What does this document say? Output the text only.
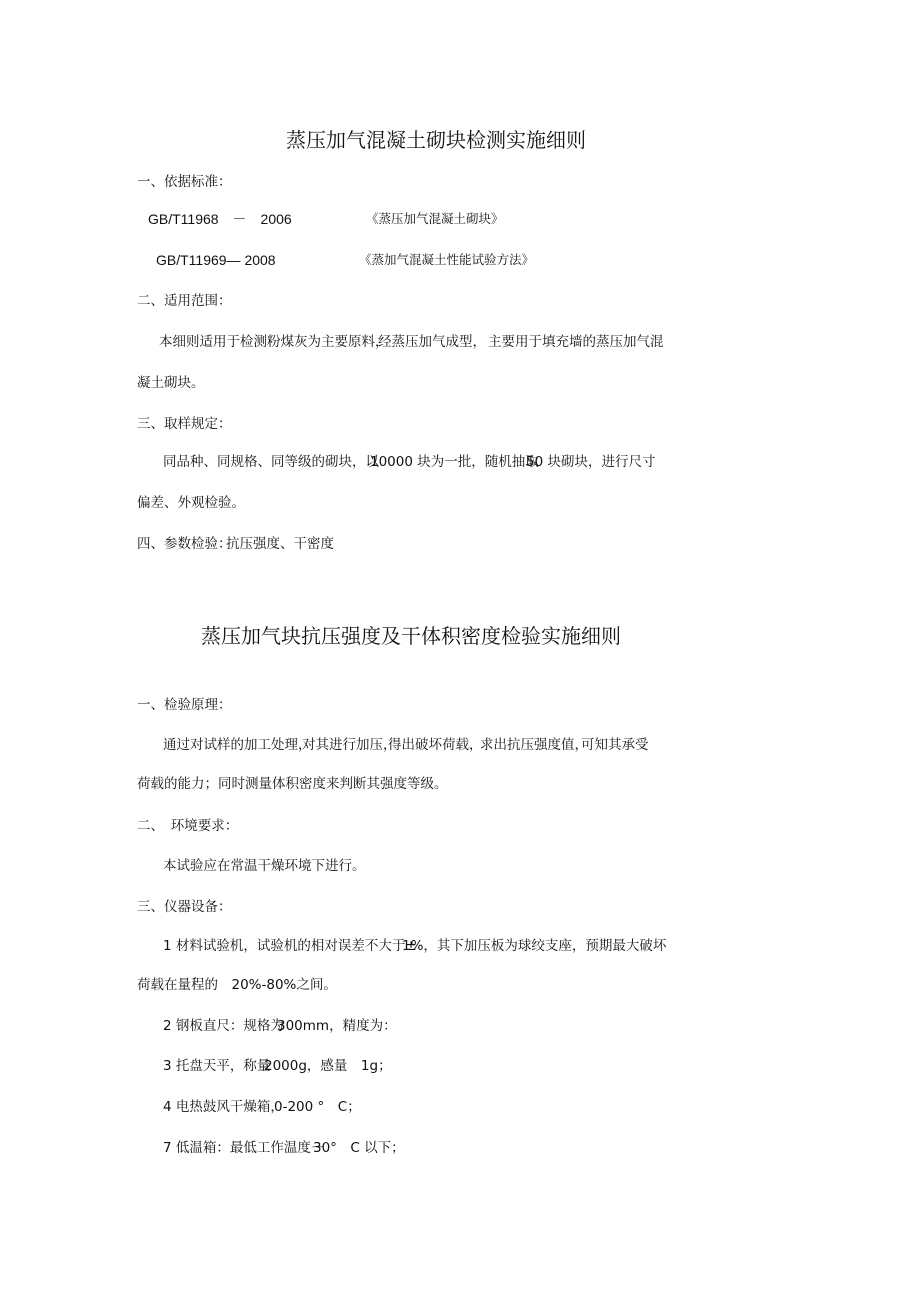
蒸压加气混凝土砌块检测实施细则
一、依据标准：
GB/T11968　－　2006	《蒸压加气混凝土砌块》
GB/T11969— 2008	《蒸加气混凝土性能试验方法》
二、适用范围：
本细则适用于检测粉煤灰为主要原料，
经蒸压加气成型， 主要用于填充墙的蒸压加气混
凝土砌块。
三、取样规定：
同品种、同规格、同等级的砌块，以
10000 块为一批，随机抽取
50 块砌块，进行尺寸
偏差、外观检验。
四、参数检验：
抗压强度、干密度
蒸压加气块抗压强度及干体积密度检验实施细则
一、检验原理：
通过对试样的加工处理，
对其进行加压，
得出破坏荷载，
求出抗压强度值，
可知其承受
荷载的能力；同时测量体积密度来判断其强度等级。
二、　环境要求：
本试验应在常温干燥环境下进行。
三、仪器设备：
1 材料试验机，试验机的相对误差不大于±
1%，其下加压板为球绞支座，预期最大破坏
荷载在量程的　20%-80%之间。
2 钢板直尺：规格为
300mm，精度为：
3 托盘天平，称量
2000g，感量　1g；
4 电热鼓风干燥箱，
0-200 °　C；
7 低温箱：最低工作温度－
30°　C 以下；
